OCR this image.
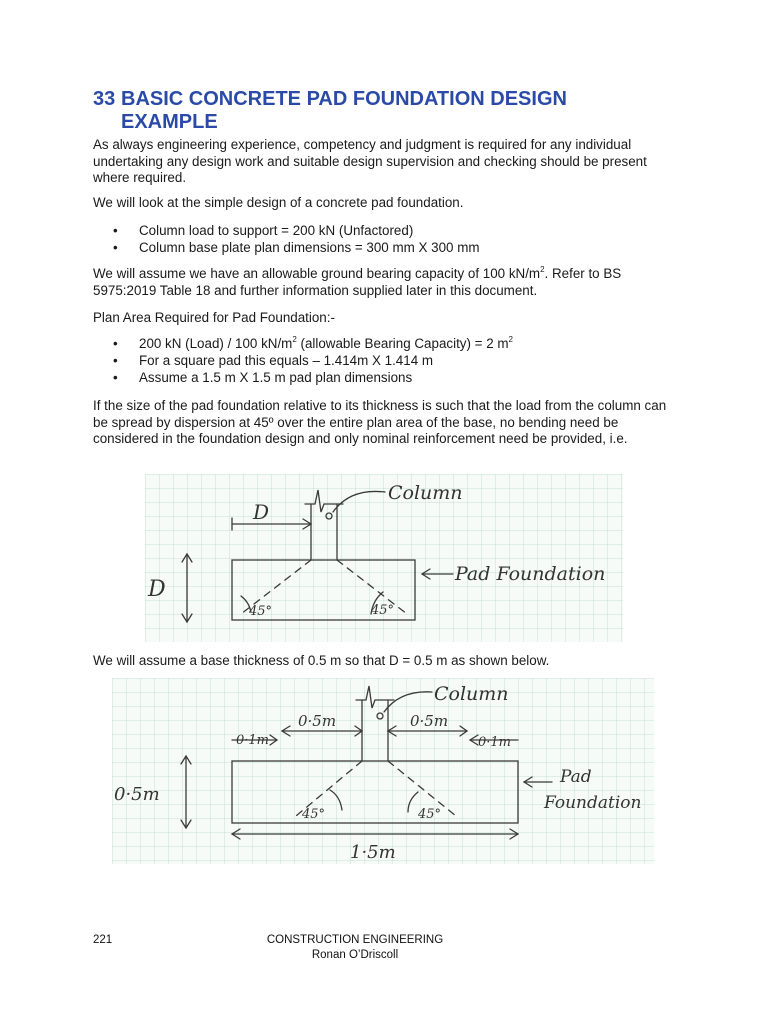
33 BASIC CONCRETE PAD FOUNDATION DESIGN
EXAMPLE

As always engineering experience, competency and judgment is required for any individual undertaking any design work and suitable design supervision and checking should be present where required.

We will look at the simple design of a concrete pad foundation.

• Column load to support = 200 kN (Unfactored)
• Column base plate plan dimensions = 300 mm X 300 mm

We will assume we have an allowable ground bearing capacity of 100 $kN/m^2$. Refer to BS 5975:2019 Table 18 and further information supplied later in this document.

Plan Area Required for Pad Foundation:-

• 200 kN (Load) / 100 $kN/m^2$ (allowable Bearing Capacity) = 2 $m^2$
• For a square pad this equals – 1.414m X 1.414 m
• Assume a 1.5 m X 1.5 m pad plan dimensions

If the size of the pad foundation relative to its thickness is such that the load from the column can be spread by dispersion at 45º over the entire plan area of the base, no bending need be considered in the foundation design and only nominal reinforcement need be provided, i.e.

Column
Pad Foundation
D
D
45°	45°

We will assume a base thickness of 0.5 m so that D = 0.5 m as shown below.

Column
Pad
Foundation
0·1m
0·5m	0·5m
0·1m
0·5m
1·5m
45°	45°
221	CONSTRUCTION ENGINEERING
Ronan O’Driscoll
